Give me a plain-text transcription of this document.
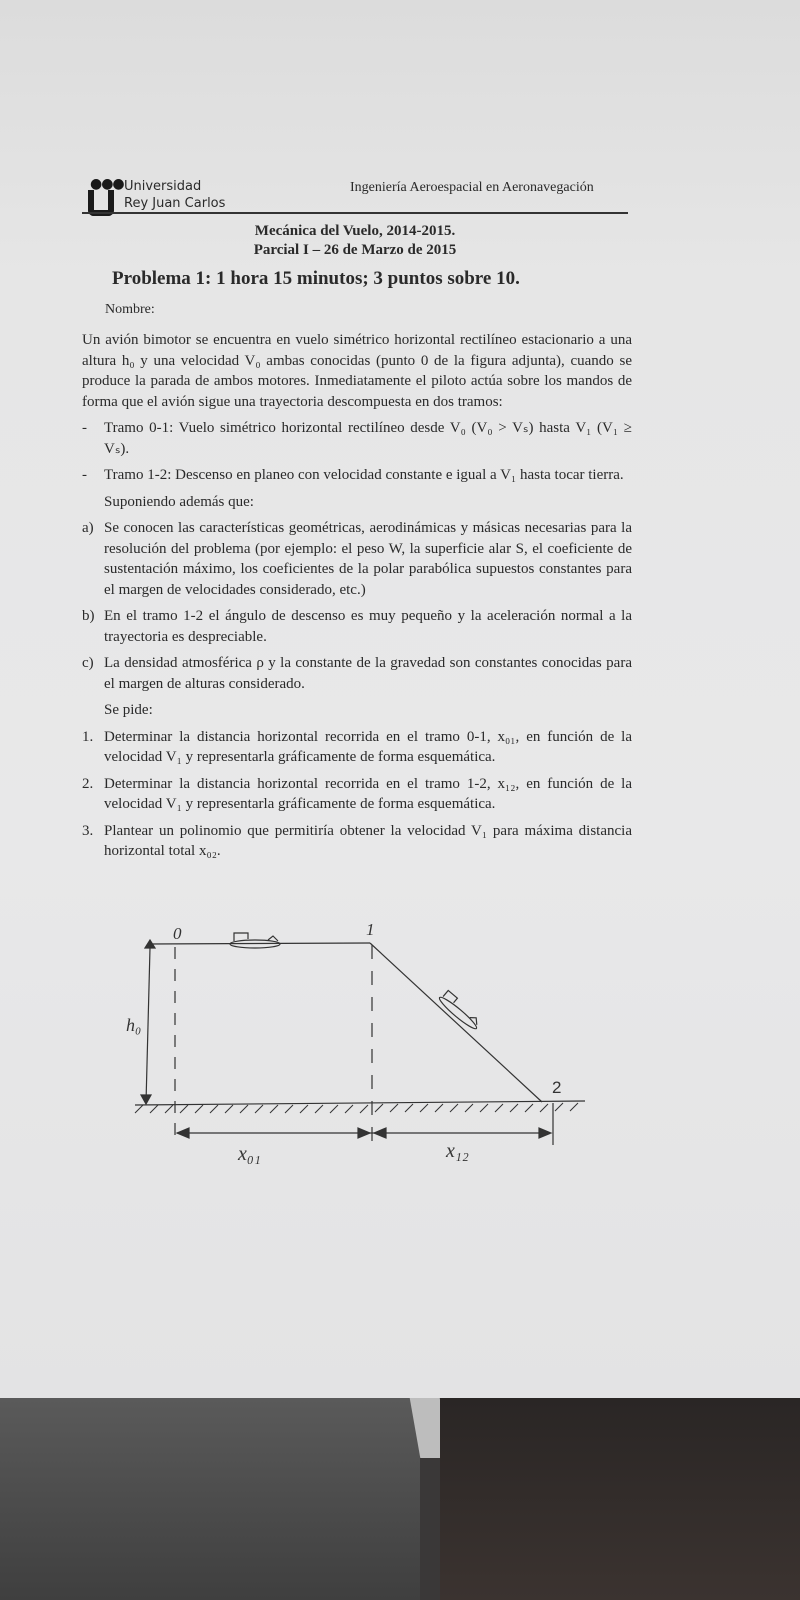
●●● Universidad
Rey Juan Carlos
Ingeniería Aeroespacial en Aeronavegación
Mecánica del Vuelo, 2014-2015.
Parcial I – 26 de Marzo de 2015
Problema 1: 1 hora 15 minutos; 3 puntos sobre 10.
Nombre:
Un avión bimotor se encuentra en vuelo simétrico horizontal rectilíneo estacionario a una altura h₀ y una velocidad V₀ ambas conocidas (punto 0 de la figura adjunta), cuando se produce la parada de ambos motores. Inmediatamente el piloto actúa sobre los mandos de forma que el avión sigue una trayectoria descompuesta en dos tramos:
-	Tramo 0-1: Vuelo simétrico horizontal rectilíneo desde V₀ (V₀ > Vₛ) hasta V₁ (V₁ ≥ Vₛ).
-	Tramo 1-2: Descenso en planeo con velocidad constante e igual a V₁ hasta tocar tierra.
Suponiendo además que:
a) Se conocen las características geométricas, aerodinámicas y másicas necesarias para la resolución del problema (por ejemplo: el peso W, la superficie alar S, el coeficiente de sustentación máximo, los coeficientes de la polar parabólica supuestos constantes para el margen de velocidades considerado, etc.)
b) En el tramo 1-2 el ángulo de descenso es muy pequeño y la aceleración normal a la trayectoria es despreciable.
c) La densidad atmosférica ρ y la constante de la gravedad son constantes conocidas para el margen de alturas considerado.
Se pide:
1. Determinar la distancia horizontal recorrida en el tramo 0-1, x₀₁, en función de la velocidad V₁ y representarla gráficamente de forma esquemática.
2. Determinar la distancia horizontal recorrida en el tramo 1-2, x₁₂, en función de la velocidad V₁ y representarla gráficamente de forma esquemática.
3. Plantear un polinomio que permitiría obtener la velocidad V₁ para máxima distancia horizontal total x₀₂.
0	1
2
h₀
x₀₁	x₁₂
